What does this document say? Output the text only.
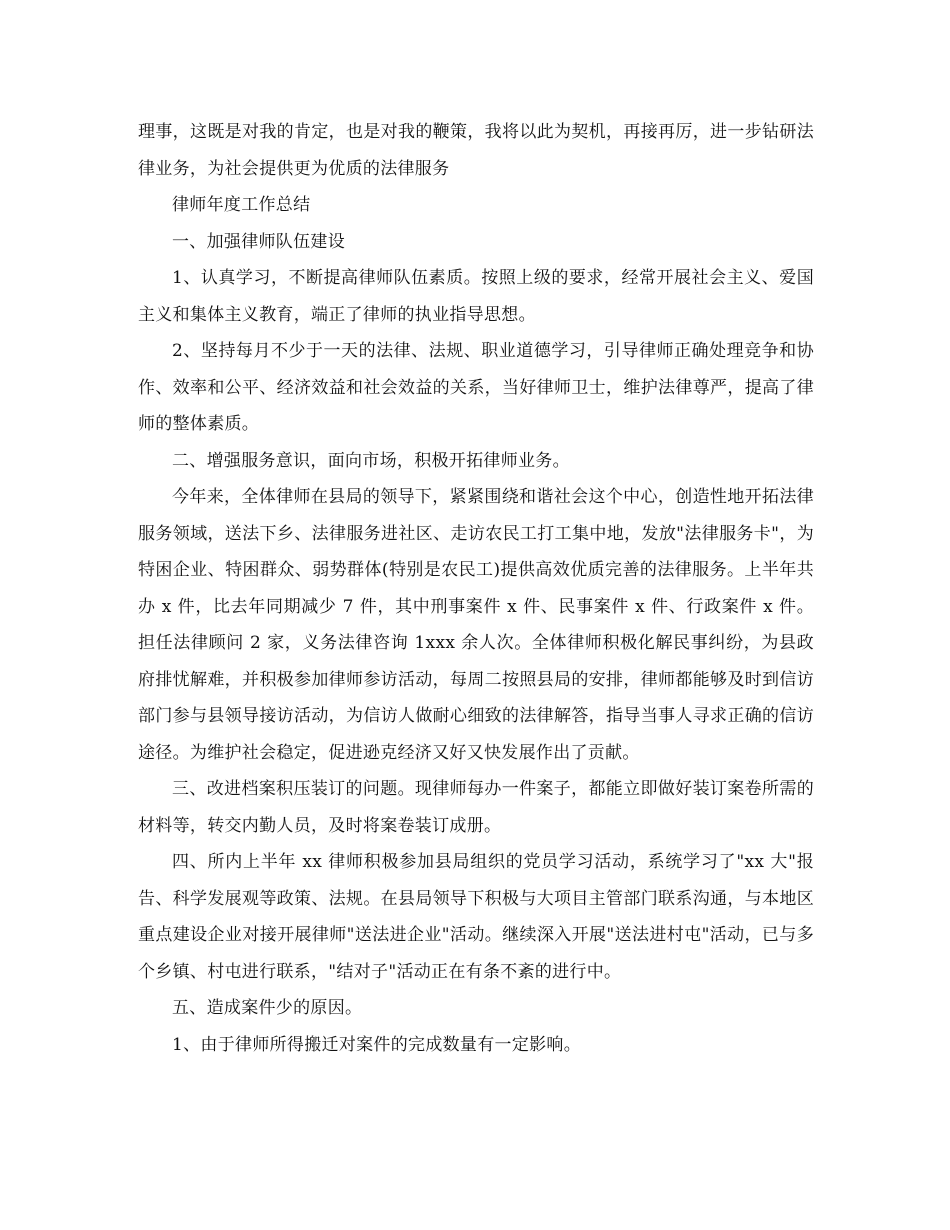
理事，这既是对我的肯定，也是对我的鞭策，我将以此为契机，再接再厉，进一步钻研法律业务，为社会提供更为优质的法律服务

律师年度工作总结

一、加强律师队伍建设

1、认真学习，不断提高律师队伍素质。按照上级的要求，经常开展社会主义、爱国主义和集体主义教育，端正了律师的执业指导思想。

2、坚持每月不少于一天的法律、法规、职业道德学习，引导律师正确处理竞争和协作、效率和公平、经济效益和社会效益的关系，当好律师卫士，维护法律尊严，提高了律师的整体素质。

二、增强服务意识，面向市场，积极开拓律师业务。

今年来，全体律师在县局的领导下，紧紧围绕和谐社会这个中心，创造性地开拓法律服务领域，送法下乡、法律服务进社区、走访农民工打工集中地，发放"法律服务卡"，为特困企业、特困群众、弱势群体(特别是农民工)提供高效优质完善的法律服务。上半年共办 x 件，比去年同期减少 7 件，其中刑事案件 x 件、民事案件 x 件、行政案件 x 件。担任法律顾问 2 家，义务法律咨询 1xxx 余人次。全体律师积极化解民事纠纷，为县政府排忧解难，并积极参加律师参访活动，每周二按照县局的安排，律师都能够及时到信访部门参与县领导接访活动，为信访人做耐心细致的法律解答，指导当事人寻求正确的信访途径。为维护社会稳定，促进逊克经济又好又快发展作出了贡献。

三、改进档案积压装订的问题。现律师每办一件案子，都能立即做好装订案卷所需的材料等，转交内勤人员，及时将案卷装订成册。

四、所内上半年 xx 律师积极参加县局组织的党员学习活动，系统学习了"xx 大"报告、科学发展观等政策、法规。在县局领导下积极与大项目主管部门联系沟通，与本地区重点建设企业对接开展律师"送法进企业"活动。继续深入开展"送法进村屯"活动，已与多个乡镇、村屯进行联系，"结对子"活动正在有条不紊的进行中。

五、造成案件少的原因。

1、由于律师所得搬迁对案件的完成数量有一定影响。
